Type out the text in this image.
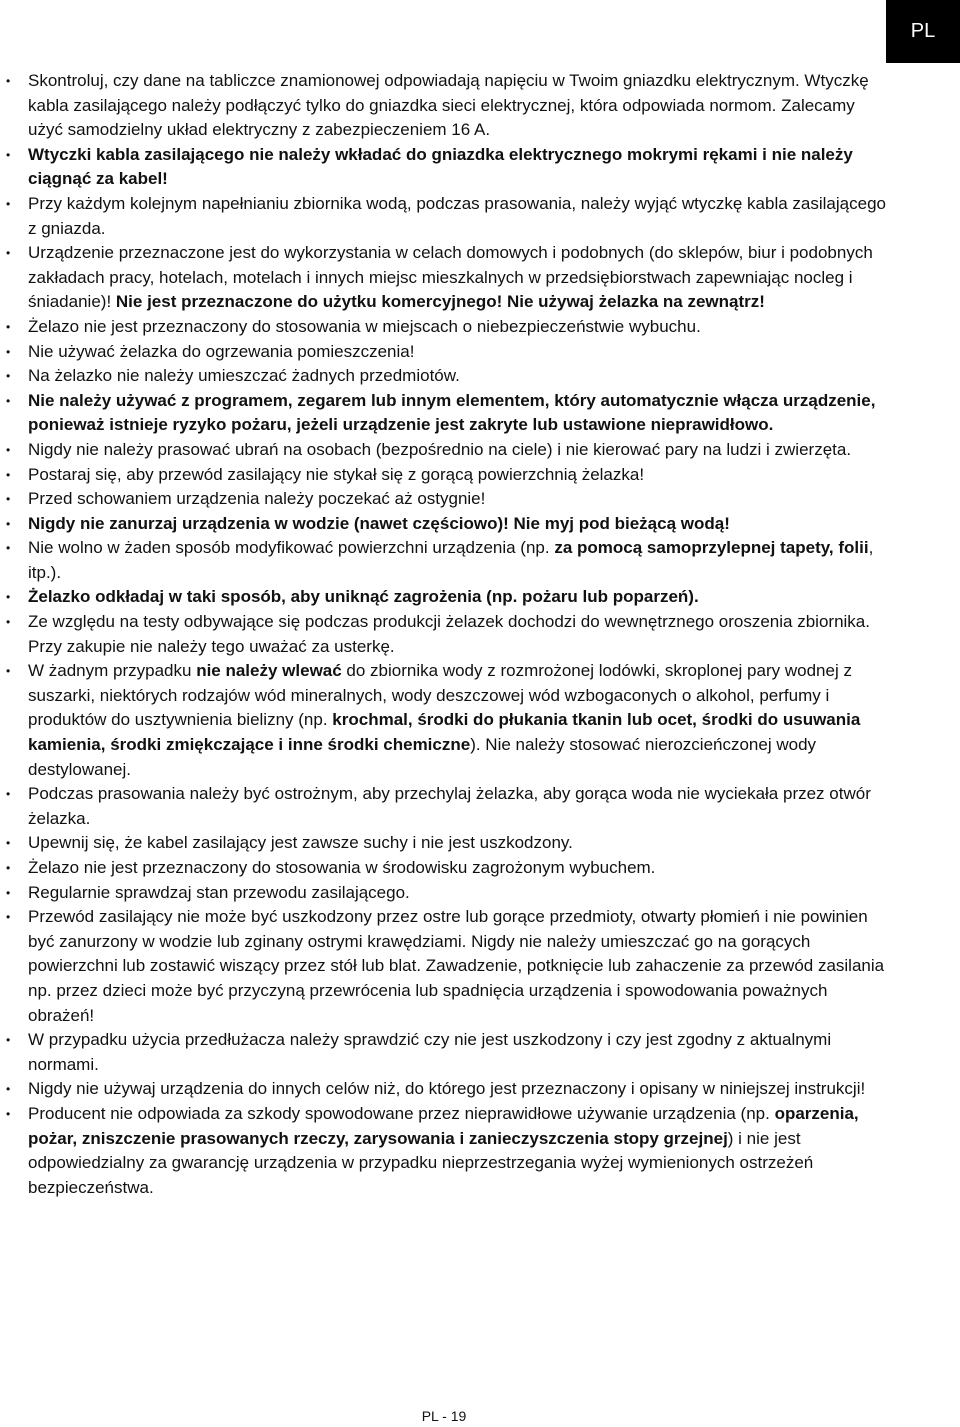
PL
• Skontroluj, czy dane na tabliczce znamionowej odpowiadają napięciu w Twoim gniazdku elektrycznym. Wtyczkę kabla zasilającego należy podłączyć tylko do gniazdka sieci elektrycznej, która odpowiada normom. Zalecamy użyć samodzielny układ elektryczny z zabezpieczeniem 16 A.
• Wtyczki kabla zasilającego nie należy wkładać do gniazdka elektrycznego mokrymi rękami i nie należy ciągnąć za kabel!
• Przy każdym kolejnym napełnianiu zbiornika wodą, podczas prasowania, należy wyjąć wtyczkę kabla zasilającego z gniazda.
• Urządzenie przeznaczone jest do wykorzystania w celach domowych i podobnych (do sklepów, biur i podobnych zakładach pracy, hotelach, motelach i innych miejsc mieszkalnych w przedsiębiorstwach zapewniając nocleg i śniadanie)! Nie jest przeznaczone do użytku komercyjnego! Nie używaj żelazka na zewnątrz!
• Żelazo nie jest przeznaczony do stosowania w miejscach o niebezpieczeństwie wybuchu.
• Nie używać żelazka do ogrzewania pomieszczenia!
• Na żelazko nie należy umieszczać żadnych przedmiotów.
• Nie należy używać z programem, zegarem lub innym elementem, który automatycznie włącza urządzenie, ponieważ istnieje ryzyko pożaru, jeżeli urządzenie jest zakryte lub ustawione nieprawidłowo.
• Nigdy nie należy prasować ubrań na osobach (bezpośrednio na ciele) i nie kierować pary na ludzi i zwierzęta.
• Postaraj się, aby przewód zasilający nie stykał się z gorącą powierzchnią żelazka!
• Przed schowaniem urządzenia należy poczekać aż ostygnie!
• Nigdy nie zanurzaj urządzenia w wodzie (nawet częściowo)! Nie myj pod bieżącą wodą!
• Nie wolno w żaden sposób modyfikować powierzchni urządzenia (np. za pomocą samoprzylepnej tapety, folii, itp.).
• Żelazko odkładaj w taki sposób, aby uniknąć zagrożenia (np. pożaru lub poparzeń).
• Ze względu na testy odbywające się podczas produkcji żelazek dochodzi do wewnętrznego oroszenia zbiornika. Przy zakupie nie należy tego uważać za usterkę.
• W żadnym przypadku nie należy wlewać do zbiornika wody z rozmrożonej lodówki, skroplonej pary wodnej z suszarki, niektórych rodzajów wód mineralnych, wody deszczowej wód wzbogaconych o alkohol, perfumy i produktów do usztywnienia bielizny (np. krochmal, środki do płukania tkanin lub ocet, środki do usuwania kamienia, środki zmiękczające i inne środki chemiczne). Nie należy stosować nierozcieńczonej wody destylowanej.
• Podczas prasowania należy być ostrożnym, aby przechylaj żelazka, aby gorąca woda nie wyciekała przez otwór żelazka.
• Upewnij się, że kabel zasilający jest zawsze suchy i nie jest uszkodzony.
• Żelazo nie jest przeznaczony do stosowania w środowisku zagrożonym wybuchem.
• Regularnie sprawdzaj stan przewodu zasilającego.
• Przewód zasilający nie może być uszkodzony przez ostre lub gorące przedmioty, otwarty płomień i nie powinien być zanurzony w wodzie lub zginany ostrymi krawędziami. Nigdy nie należy umieszczać go na gorących powierzchni lub zostawić wiszący przez stół lub blat. Zawadzenie, potknięcie lub zahaczenie za przewód zasilania np. przez dzieci może być przyczyną przewrócenia lub spadnięcia urządzenia i spowodowania poważnych obrażeń!
• W przypadku użycia przedłużacza należy sprawdzić czy nie jest uszkodzony i czy jest zgodny z aktualnymi normami.
• Nigdy nie używaj urządzenia do innych celów niż, do którego jest przeznaczony i opisany w niniejszej instrukcji!
• Producent nie odpowiada za szkody spowodowane przez nieprawidłowe używanie urządzenia (np. oparzenia, pożar, zniszczenie prasowanych rzeczy, zarysowania i zanieczyszczenia stopy grzejnej) i nie jest odpowiedzialny za gwarancję urządzenia w przypadku nieprzestrzegania wyżej wymienionych ostrzeżeń bezpieczeństwa.
PL - 19
